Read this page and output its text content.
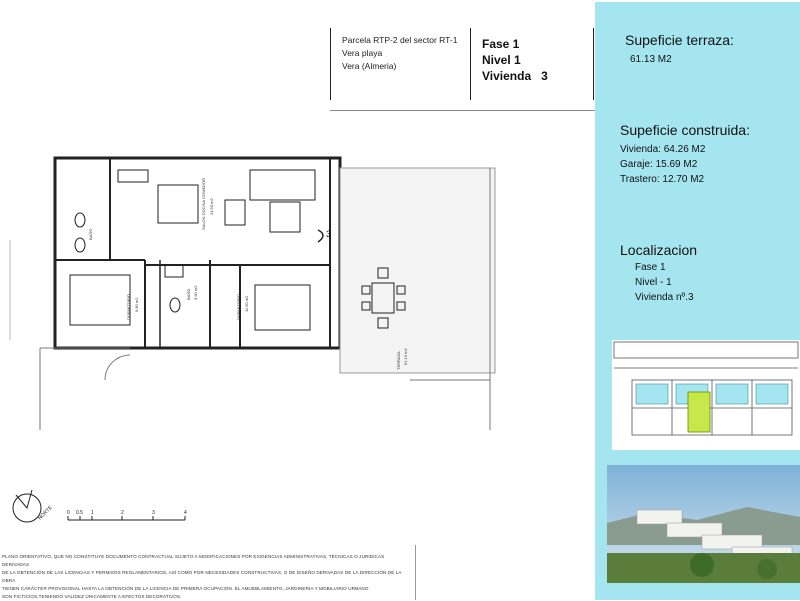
Parcela RTP-2 del sector RT-1
Vera playa
Vera (Almeria)
Fase 1
Nivel 1
Vivienda 3
SALON COCINA COMEDOR 24.50 m2
DORMITORIO 9.80 m2	DORMITORIO 11.90 m2
BAÑO 3.90 m2
BAÑO
TERRAZA 61.13 m2
3
NORTE	0 0.5 1	2	3	4
PLANO ORIENTATIVO, QUE NO CONSTITUYE DOCUMENTO CONTRACTUAL SUJETO A MODIFICACIONES POR EXIGENCIAS ADMINISTRATIVAS, TECNICAS O JURIDICAS DERIVADAS
DE LA OBTENCIÓN DE LAS LICENCIAS Y PERMISOS REGLAMENTARIOS, ASÍ COMO POR NECESIDADES CONSTRUCTIVAS, O DE DISEÑO DERIVADAS DE LA DIRECCIÓN DE LA OBRA
TIENEN CARÁCTER PROVISIONAL HASTA LA OBTENCIÓN DE LA LICENCIA DE PRIMERA OCUPACIÓN. EL AMUEBLAMIENTO, JARDINERIA Y MOBILIARIO URBANO
SON FICTICIOS,TENIENDO VALIDEZ ÚNICAMENTE A EFECTOS DECORATIVOS.
Supeficie terraza:
61.13 M2
Supeficie construida:
Vivienda: 64.26 M2
Garaje: 15.69 M2
Trastero: 12.70 M2
Localizacion
Fase 1
Nivel - 1
Vivienda nº.3
